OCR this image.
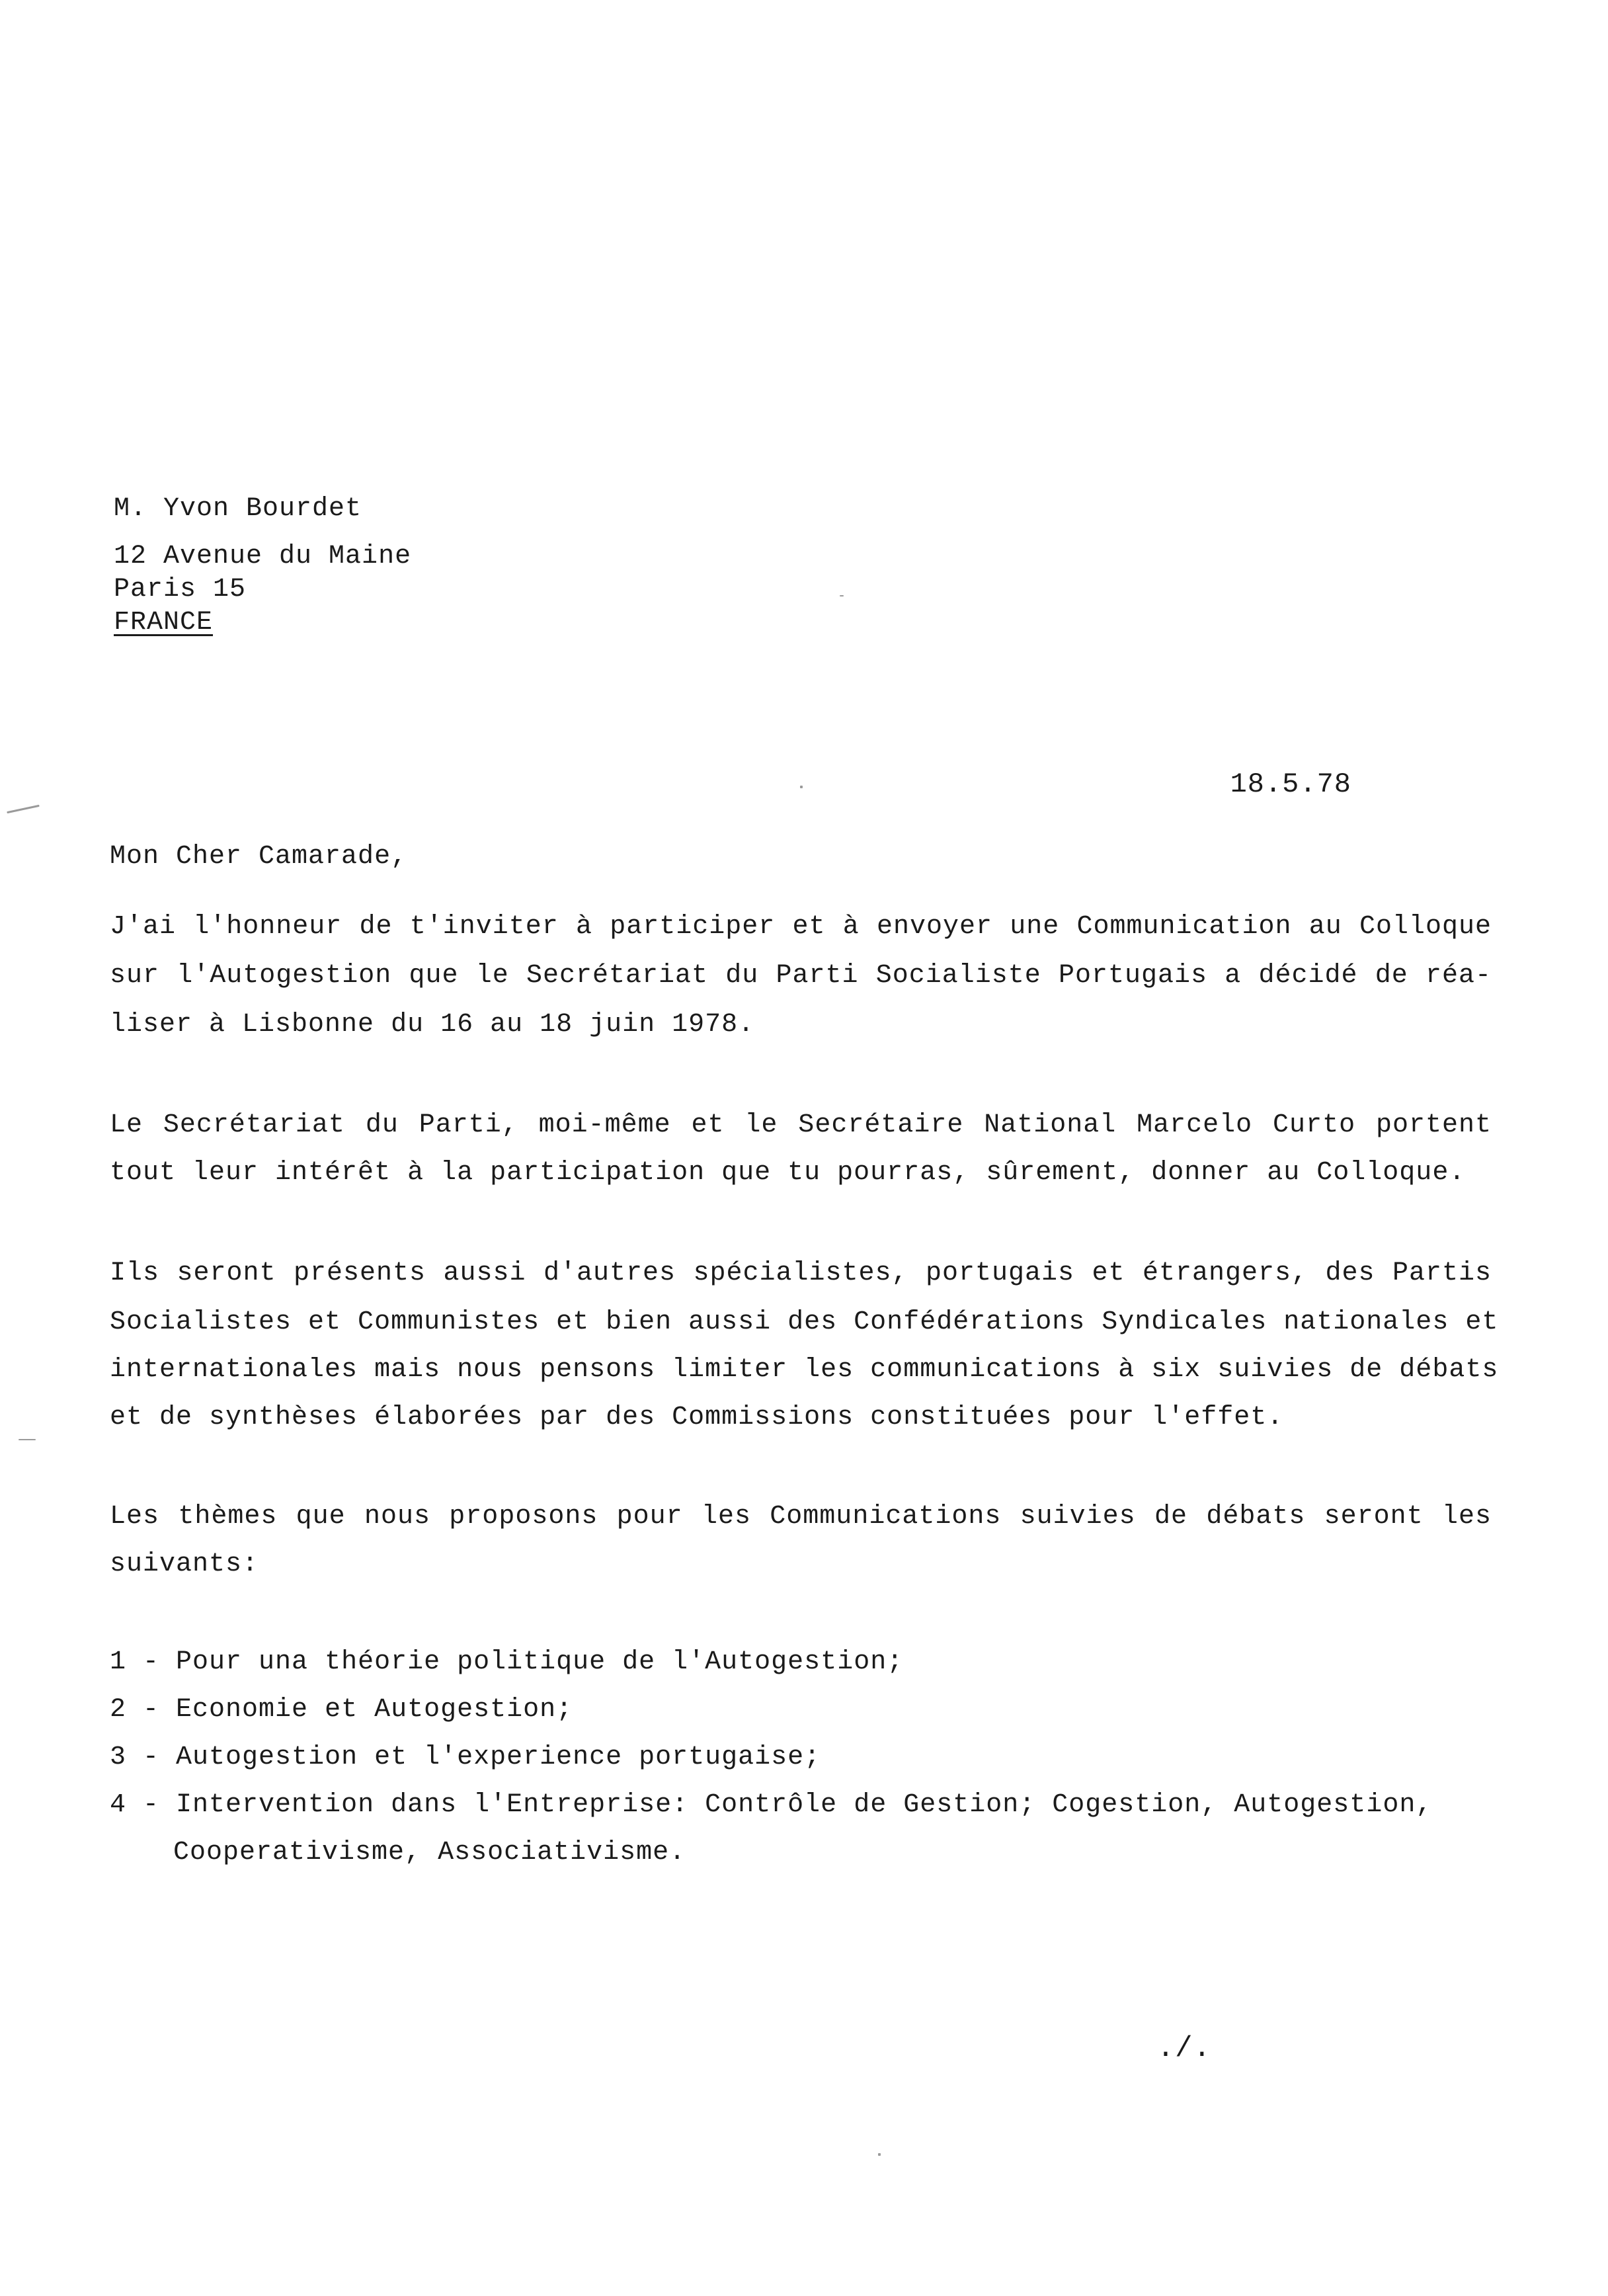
M. Yvon Bourdet
12 Avenue du Maine
Paris 15
FRANCE
18.5.78
Mon Cher Camarade,
J'ai l'honneur de t'inviter à participer et à envoyer une Communication au Colloque
sur l'Autogestion que le Secrétariat du Parti Socialiste Portugais a décidé de réa-
liser à Lisbonne du 16 au 18 juin 1978.
Le Secrétariat du Parti, moi-même et le Secrétaire National Marcelo Curto portent
tout leur intérêt à la participation que tu pourras, sûrement, donner au Colloque.
Ils seront présents aussi d'autres spécialistes, portugais et étrangers, des Partis
Socialistes et Communistes et bien aussi des Confédérations Syndicales nationales et
internationales mais nous pensons limiter les communications à six suivies de débats
et de synthèses élaborées par des Commissions constituées pour l'effet.
Les thèmes que nous proposons pour les Communications suivies de débats seront les
suivants:
1 - Pour una théorie politique de l'Autogestion;
2 - Economie et Autogestion;
3 - Autogestion et l'experience portugaise;
4 - Intervention dans l'Entreprise: Contrôle de Gestion; Cogestion, Autogestion,
Cooperativisme, Associativisme.
./.
